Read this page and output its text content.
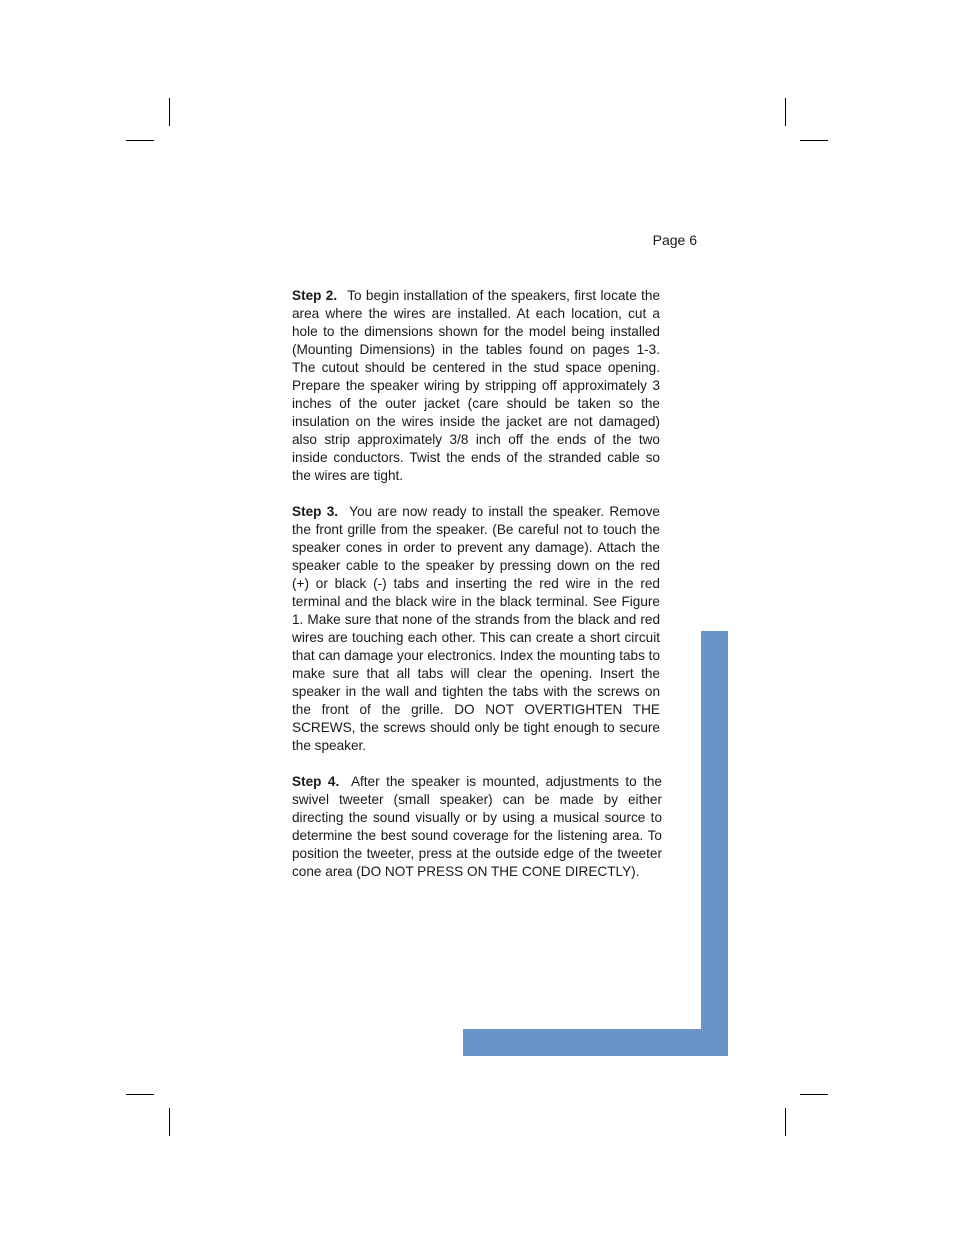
Page 6

Step 2. To begin installation of the speakers, first locate the area where the wires are installed. At each location, cut a hole to the dimensions shown for the model being installed (Mounting Dimensions) in the tables found on pages 1-3. The cutout should be centered in the stud space opening. Prepare the speaker wiring by stripping off approximately 3 inches of the outer jacket (care should be taken so the insulation on the wires inside the jacket are not damaged) also strip approximately 3/8 inch off the ends of the two inside conductors. Twist the ends of the stranded cable so the wires are tight.

Step 3. You are now ready to install the speaker. Remove the front grille from the speaker. (Be careful not to touch the speaker cones in order to prevent any damage). Attach the speaker cable to the speaker by pressing down on the red (+) or black (-) tabs and inserting the red wire in the red terminal and the black wire in the black terminal. See Figure 1. Make sure that none of the strands from the black and red wires are touching each other. This can create a short circuit that can damage your electronics. Index the mounting tabs to make sure that all tabs will clear the opening. Insert the speaker in the wall and tighten the tabs with the screws on the front of the grille. DO NOT OVERTIGHTEN THE SCREWS, the screws should only be tight enough to secure the speaker.

Step 4. After the speaker is mounted, adjustments to the swivel tweeter (small speaker) can be made by either directing the sound visually or by using a musical source to determine the best sound coverage for the listening area. To position the tweeter, press at the outside edge of the tweeter cone area (DO NOT PRESS ON THE CONE DIRECTLY).
